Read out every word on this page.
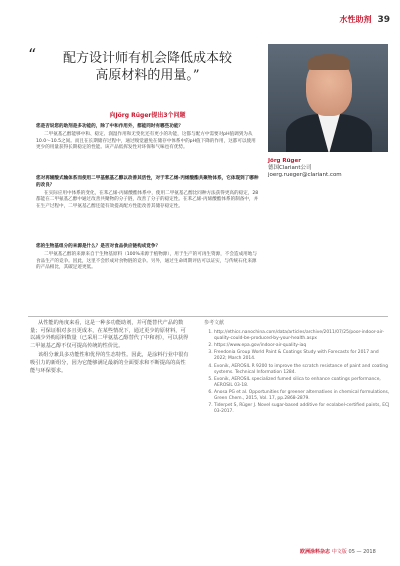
水性助剂 39
“	配方设计师有机会降低成本较
高原材料的用量。”
Jörg Rüger
德国Clariant公司
joerg.rueger@clariant.com
向Jörg Rüger提出3个问题
您是否说您的助剂是多功能的，除了中和作用外，都能同时有哪些功能？

二甲氨基乙醇能够中和、稳定、润湿作用和无变化还有更小的功能，这都与配方中需要对pH值调到为从10.0～10.5之间。而且在长期储存过程中，通过嗅觉避免在储存中体系中的pH值下降的作用，这都可以使用更少的用量获得长期稳定的性能。该产品低挥发性对环保和气味也有优势。

您对再辅酸式输体系而使用二甲基氨基乙醇以改善其活性，对于苯乙烯-丙烯酸酯共聚物体系，它体现到了哪种的改良？

在实际应用中体系的变化，在苯乙烯-丙烯酸酯体系中，使用二甲氨基乙醇比同种方法获得更高的稳定，28 都能在二甲氨基乙醇中通过改善共聚物的分子链，改善了分子的稳定性。在苯乙烯-丙烯酸酯体系的制备中，并在生产过程中，二甲氨基乙醇还能有效提高配方性能改善其储存稳定性。

您的生物基组分的来源是什么？是否对食品供应链构成竞争？

二甲氨基乙醇的来源来自于生物基原料（100%来源于植物源），用于生产的可再生资源，不会造成用地与食品生产的竞争。因此，这里不会形成对食物链的竞争。另外，通过生命周期评估可以证实，与传统石化来源的产品相比，其碳足迹更低。

从性能的角度来看，这是一种多功能助剂，并可能替代产品的数量；可保证相对多且更成本，在某些情况下，通过更少的原材料，可以减少外购原料数量（已采用二甲氨基乙醇替代了中和剂），可以获得二甲氨基乙醇不仅可提高传统的性价比。

该组分兼具多功能性和优异的生态特性。因此，是涂料行业中很有吸引力的新组分，因为它能够满足最新的全面要求和不断提高的高性能与环保要求。

参考文献
1. http://ethics.nanochina.com/data/articles/archive/2011/07/25/poor-indoor-air-quality-could-be-produced-by-your-health.aspx
2. https://www.epa.gov/indoor-air-quality-iaq
3. Freedonia Group World Paint & Coatings Study with Forecasts for 2017 and 2022; March 2014.
4. Evonik, AEROSIL R 9200 to improve the scratch resistance of paint and coating systems. Technical Information 1284.
5. Evonik, AEROSIL specialized fumed silica to enhance coatings performance, AEROSIL 03-18.
6. Anosa PG et al. Opportunities for greener alternatives in chemical formulations, Green Chem., 2015, Vol. 17, pp.2868-2879.
7. Tiderpet S, Rüger J. Novel sugar-based additive for ecolabel-certified paints, ECJ 03-2017.
欧洲涂料杂志 中文版 05 — 2018
